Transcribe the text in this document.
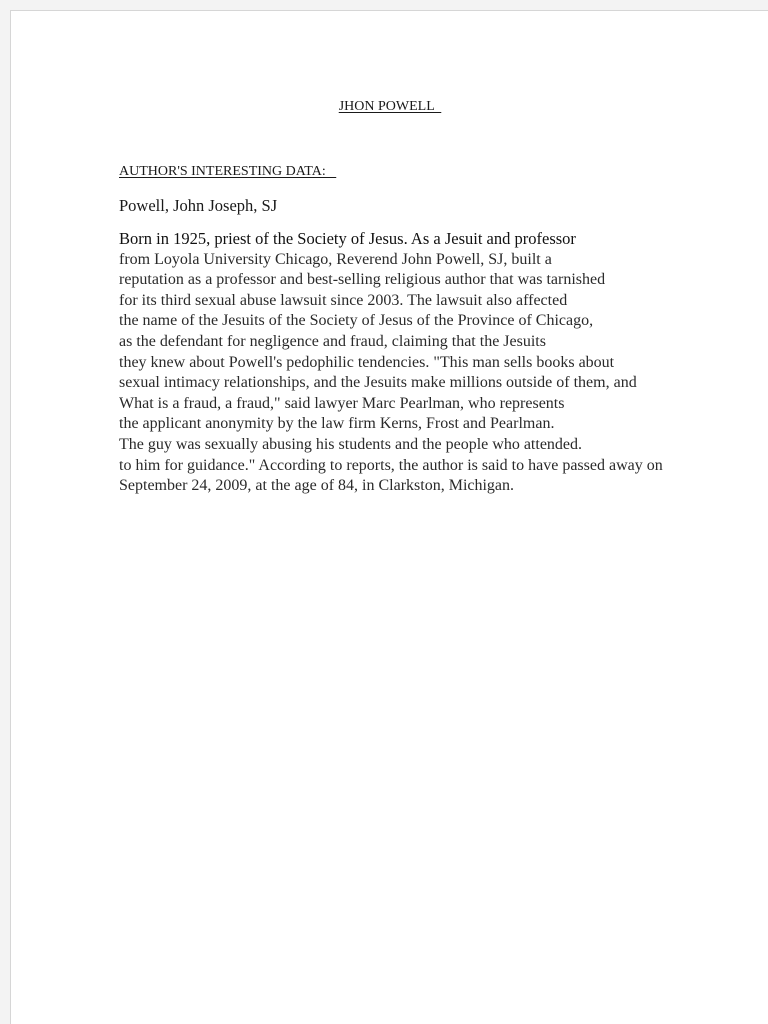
JHON POWELL
AUTHOR'S INTERESTING DATA:
Powell, John Joseph, SJ
Born in 1925, priest of the Society of Jesus. As a Jesuit and professor
from Loyola University Chicago, Reverend John Powell, SJ, built a
reputation as a professor and best-selling religious author that was tarnished
for its third sexual abuse lawsuit since 2003. The lawsuit also affected
the name of the Jesuits of the Society of Jesus of the Province of Chicago,
as the defendant for negligence and fraud, claiming that the Jesuits
they knew about Powell's pedophilic tendencies. "This man sells books about
sexual intimacy relationships, and the Jesuits make millions outside of them, and
What is a fraud, a fraud," said lawyer Marc Pearlman, who represents
the applicant anonymity by the law firm Kerns, Frost and Pearlman.
The guy was sexually abusing his students and the people who attended.
to him for guidance." According to reports, the author is said to have passed away on
September 24, 2009, at the age of 84, in Clarkston, Michigan.
